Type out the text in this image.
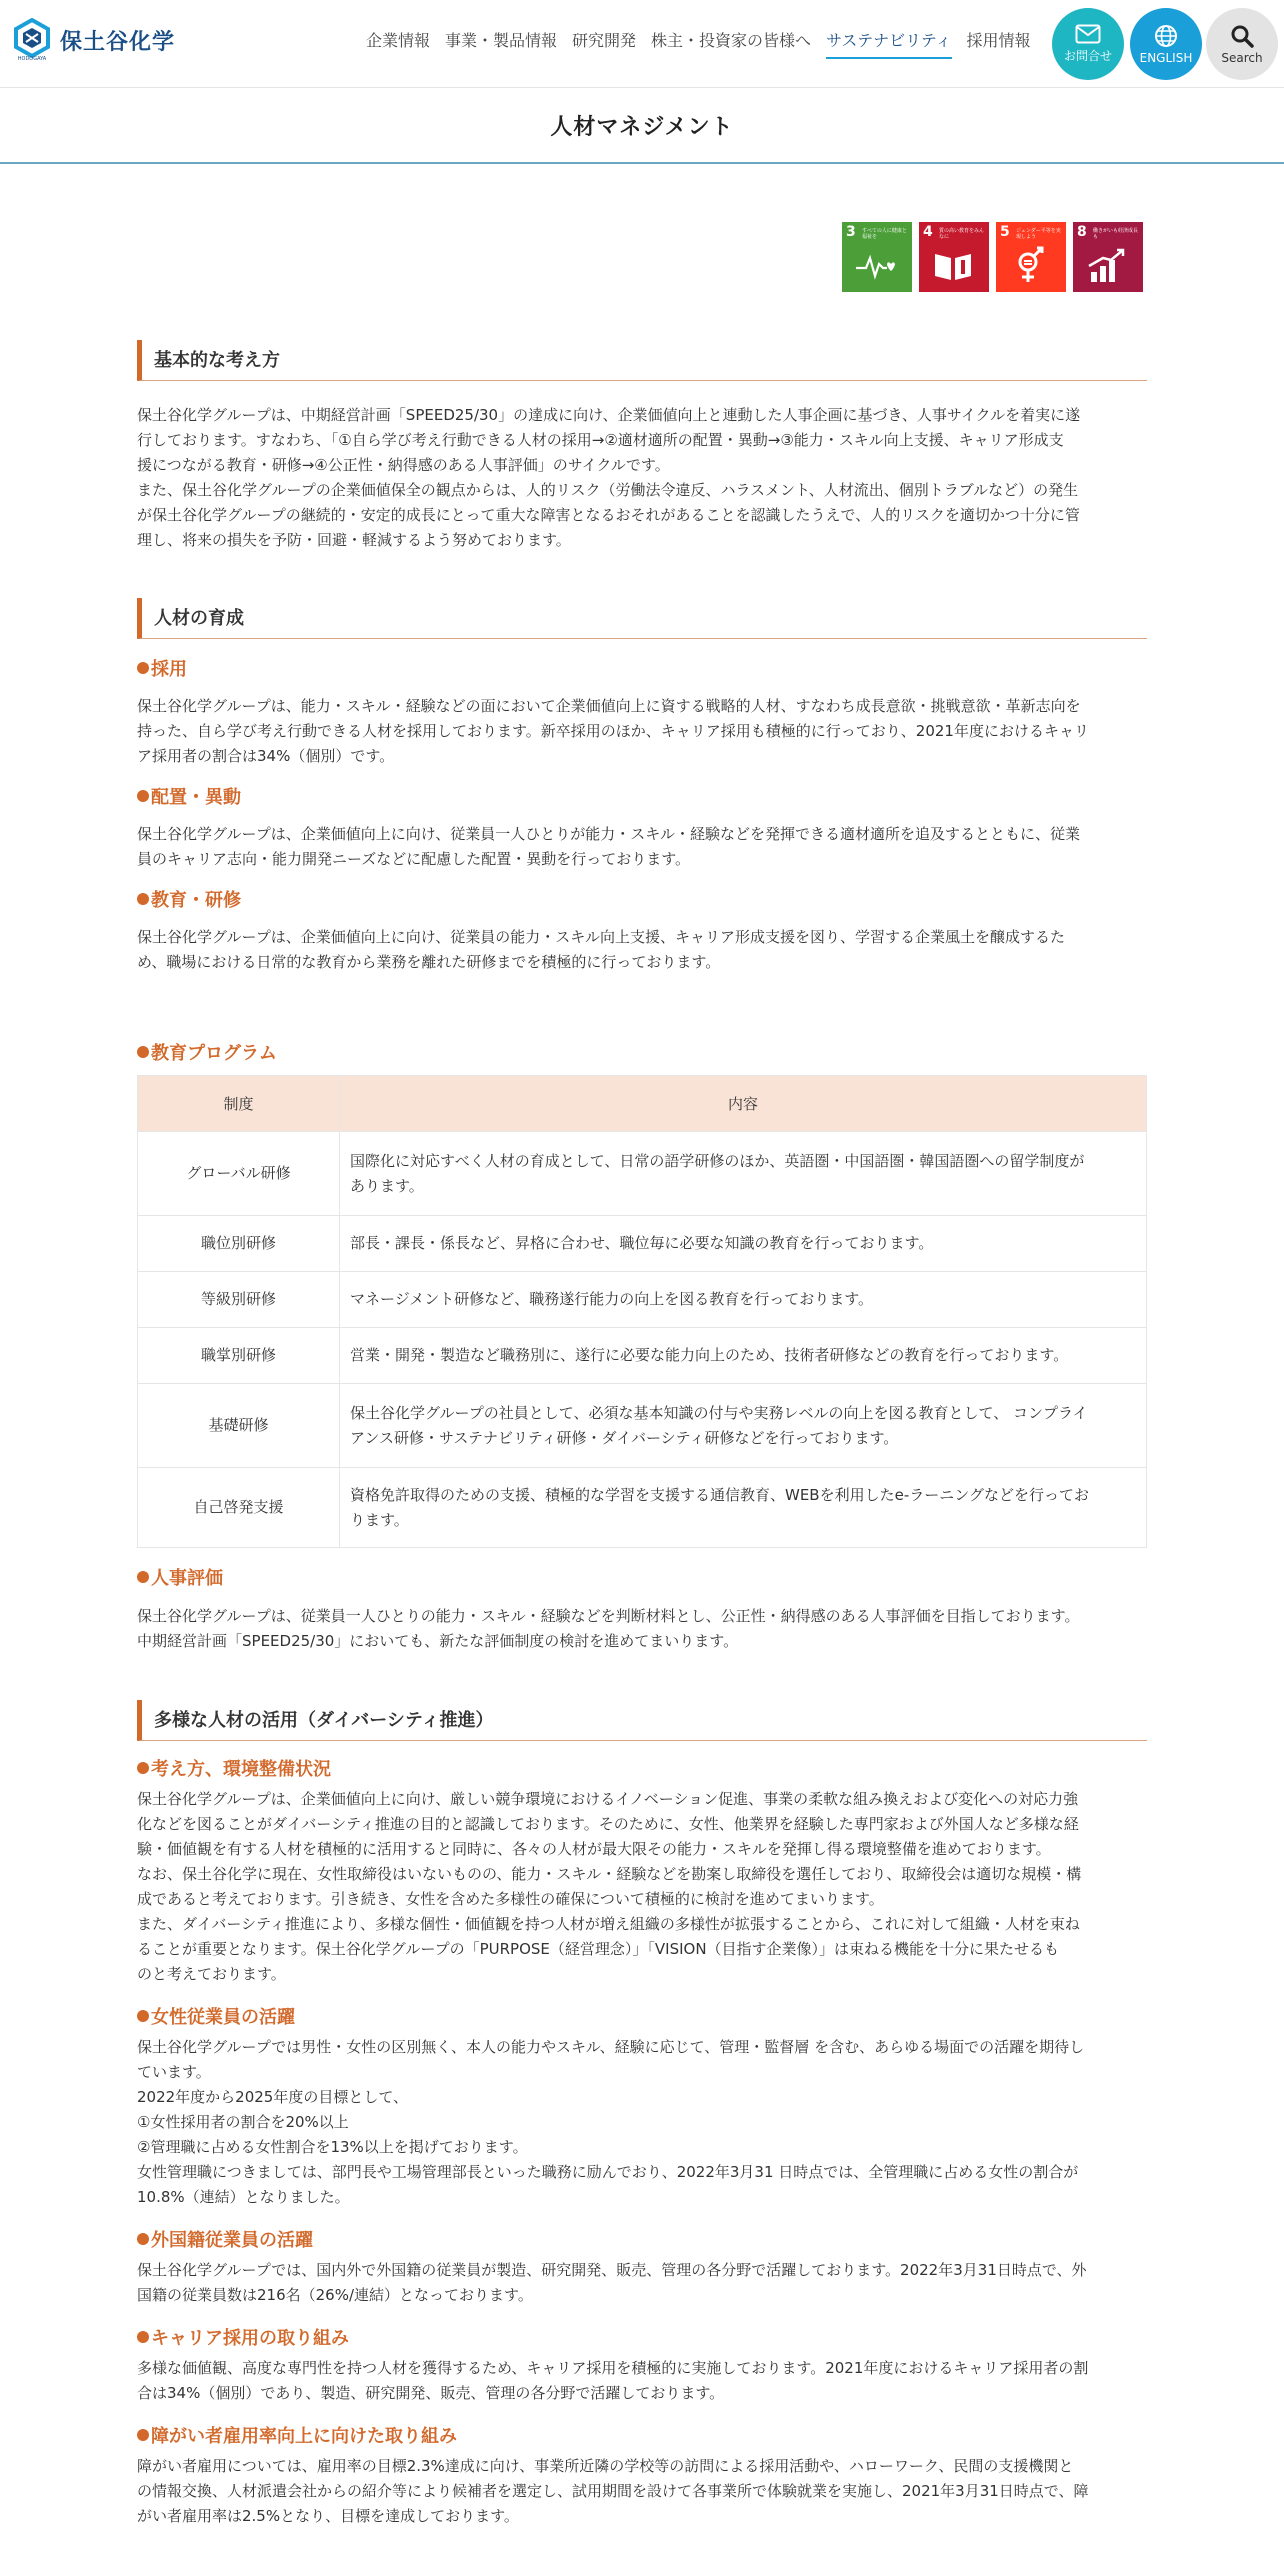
HODOGAYA
保土谷化学	企業情報 事業・製品情報 研究開発 株主・投資家の皆様へ サステナビリティ 採用情報
お問合せ ENGLISH Search
人材マネジメント
3 すべての人に健康と福祉を	4 質の高い教育をみんなに	5 ジェンダー平等を実現しよう	8 働きがいも経済成長も
基本的な考え方
保土谷化学グループは、中期経営計画「SPEED25/30」の達成に向け、企業価値向上と連動した人事企画に基づき、人事サイクルを着実に遂
行しております。すなわち、「①自ら学び考え行動できる人材の採用→②適材適所の配置・異動→③能力・スキル向上支援、キャリア形成支
援につながる教育・研修→④公正性・納得感のある人事評価」のサイクルです。
また、保土谷化学グループの企業価値保全の観点からは、人的リスク（労働法令違反、ハラスメント、人材流出、個別トラブルなど）の発生
が保土谷化学グループの継続的・安定的成長にとって重大な障害となるおそれがあることを認識したうえで、人的リスクを適切かつ十分に管
理し、将来の損失を予防・回避・軽減するよう努めております。
人材の育成
採用
保土谷化学グループは、能力・スキル・経験などの面において企業価値向上に資する戦略的人材、すなわち成長意欲・挑戦意欲・革新志向を
持った、自ら学び考え行動できる人材を採用しております。新卒採用のほか、キャリア採用も積極的に行っており、2021年度におけるキャリ
ア採用者の割合は34%（個別）です。
配置・異動
保土谷化学グループは、企業価値向上に向け、従業員一人ひとりが能力・スキル・経験などを発揮できる適材適所を追及するとともに、従業
員のキャリア志向・能力開発ニーズなどに配慮した配置・異動を行っております。
教育・研修
保土谷化学グループは、企業価値向上に向け、従業員の能力・スキル向上支援、キャリア形成支援を図り、学習する企業風土を醸成するた
め、職場における日常的な教育から業務を離れた研修までを積極的に行っております。
教育プログラム
制度	内容
グローバル研修	国際化に対応すべく人材の育成として、日常の語学研修のほか、英語圏・中国語圏・韓国語圏への留学制度が
あります。

職位別研修	部長・課長・係長など、昇格に合わせ、職位毎に必要な知識の教育を行っております。

等級別研修	マネージメント研修など、職務遂行能力の向上を図る教育を行っております。

職掌別研修	営業・開発・製造など職務別に、遂行に必要な能力向上のため、技術者研修などの教育を行っております。

基礎研修	保土谷化学グループの社員として、必須な基本知識の付与や実務レベルの向上を図る教育として、 コンプライ
アンス研修・サステナビリティ研修・ダイバーシティ研修などを行っております。

自己啓発支援	資格免許取得のための支援、積極的な学習を支援する通信教育、WEBを利用したe-ラーニングなどを行ってお
ります。
人事評価
保土谷化学グループは、従業員一人ひとりの能力・スキル・経験などを判断材料とし、公正性・納得感のある人事評価を目指しております。
中期経営計画「SPEED25/30」においても、新たな評価制度の検討を進めてまいります。
多様な人材の活用（ダイバーシティ推進）
考え方、環境整備状況
保土谷化学グループは、企業価値向上に向け、厳しい競争環境におけるイノベーション促進、事業の柔軟な組み換えおよび変化への対応力強
化などを図ることがダイバーシティ推進の目的と認識しております。そのために、女性、他業界を経験した専門家および外国人など多様な経
験・価値観を有する人材を積極的に活用すると同時に、各々の人材が最大限その能力・スキルを発揮し得る環境整備を進めております。
なお、保土谷化学に現在、女性取締役はいないものの、能力・スキル・経験などを勘案し取締役を選任しており、取締役会は適切な規模・構
成であると考えております。引き続き、女性を含めた多様性の確保について積極的に検討を進めてまいります。
また、ダイバーシティ推進により、多様な個性・価値観を持つ人材が増え組織の多様性が拡張することから、これに対して組織・人材を束ね
ることが重要となります。保土谷化学グループの「PURPOSE（経営理念）」「VISION（目指す企業像）」は束ねる機能を十分に果たせるも
のと考えております。
女性従業員の活躍
保土谷化学グループでは男性・女性の区別無く、本人の能力やスキル、経験に応じて、管理・監督層 を含む、あらゆる場面での活躍を期待し
ています。
2022年度から2025年度の目標として、
①女性採用者の割合を20%以上
②管理職に占める女性割合を13%以上を掲げております。
女性管理職につきましては、部門長や工場管理部長といった職務に励んでおり、2022年3月31 日時点では、全管理職に占める女性の割合が
10.8%（連結）となりました。
外国籍従業員の活躍
保土谷化学グループでは、国内外で外国籍の従業員が製造、研究開発、販売、管理の各分野で活躍しております。2022年3月31日時点で、外
国籍の従業員数は216名（26%/連結）となっております。
キャリア採用の取り組み
多様な価値観、高度な専門性を持つ人材を獲得するため、キャリア採用を積極的に実施しております。2021年度におけるキャリア採用者の割
合は34%（個別）であり、製造、研究開発、販売、管理の各分野で活躍しております。
障がい者雇用率向上に向けた取り組み
障がい者雇用については、雇用率の目標2.3%達成に向け、事業所近隣の学校等の訪問による採用活動や、ハローワーク、民間の支援機関と
の情報交換、人材派遣会社からの紹介等により候補者を選定し、試用期間を設けて各事業所で体験就業を実施し、2021年3月31日時点で、障
がい者雇用率は2.5%となり、目標を達成しております。
